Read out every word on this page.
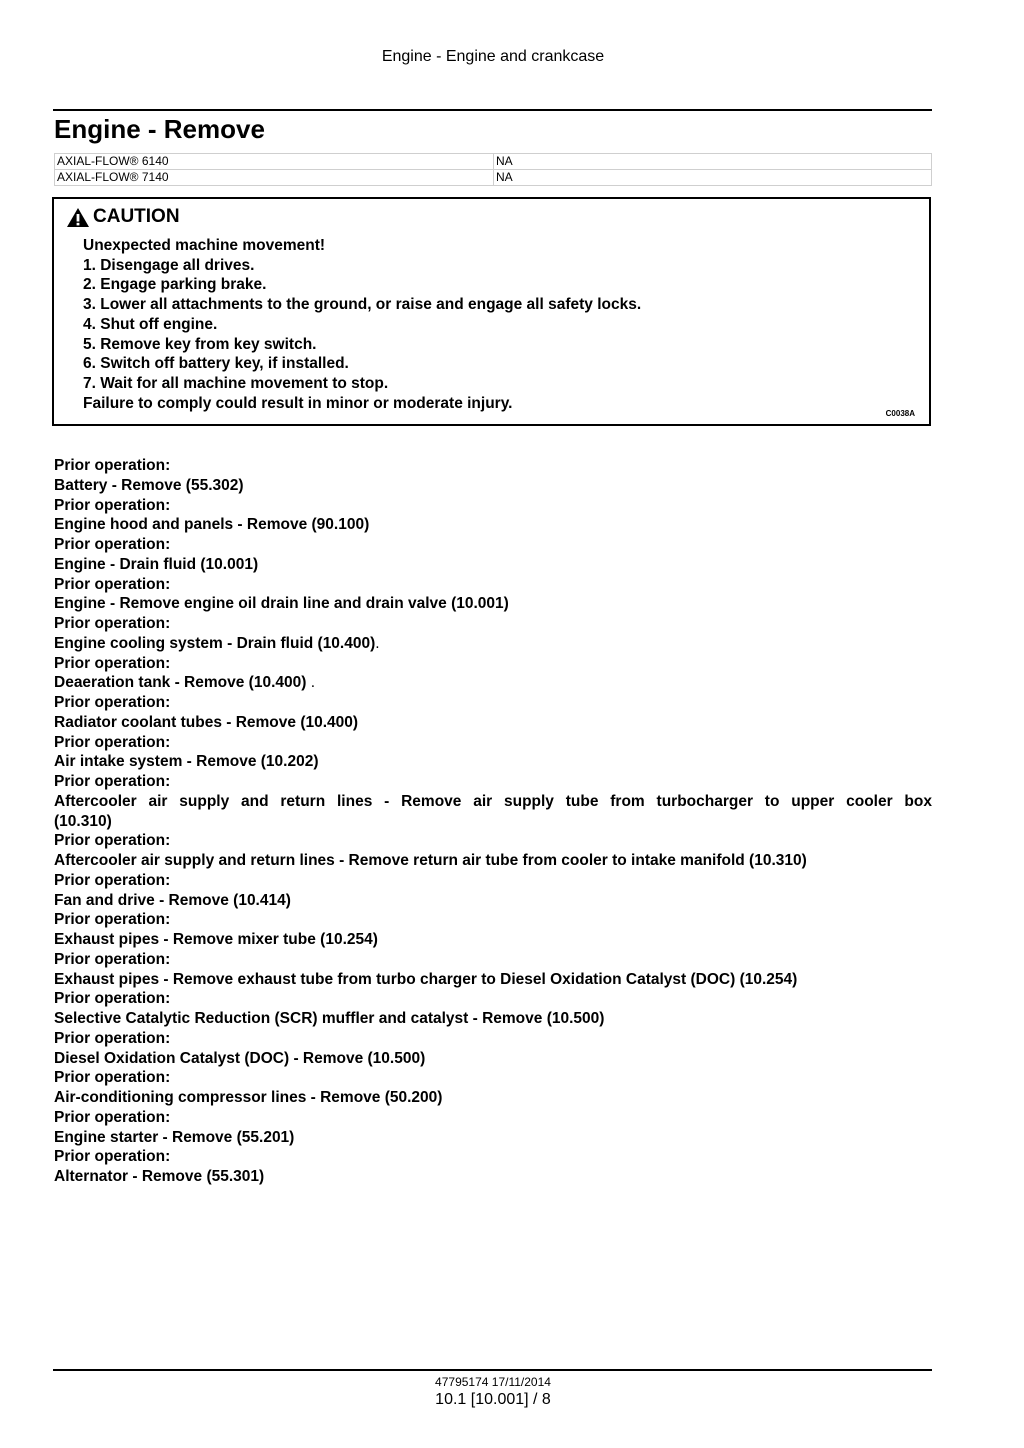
Engine - Engine and crankcase
Engine - Remove
AXIAL-FLOW® 6140	NA
AXIAL-FLOW® 7140	NA
CAUTION
Unexpected machine movement!
1. Disengage all drives.
2. Engage parking brake.
3. Lower all attachments to the ground, or raise and engage all safety locks.
4. Shut off engine.
5. Remove key from key switch.
6. Switch off battery key, if installed.
7. Wait for all machine movement to stop.
Failure to comply could result in minor or moderate injury.
C0038A
Prior operation:
Battery - Remove (55.302)
Prior operation:
Engine hood and panels - Remove (90.100)
Prior operation:
Engine - Drain fluid (10.001)
Prior operation:
Engine - Remove engine oil drain line and drain valve (10.001)
Prior operation:
Engine cooling system - Drain fluid (10.400).
Prior operation:
Deaeration tank - Remove (10.400) .
Prior operation:
Radiator coolant tubes - Remove (10.400)
Prior operation:
Air intake system - Remove (10.202)
Prior operation:
Aftercooler air supply and return lines - Remove air supply tube from turbocharger to upper cooler box
(10.310)
Prior operation:
Aftercooler air supply and return lines - Remove return air tube from cooler to intake manifold (10.310)
Prior operation:
Fan and drive - Remove (10.414)
Prior operation:
Exhaust pipes - Remove mixer tube (10.254)
Prior operation:
Exhaust pipes - Remove exhaust tube from turbo charger to Diesel Oxidation Catalyst (DOC) (10.254)
Prior operation:
Selective Catalytic Reduction (SCR) muffler and catalyst - Remove (10.500)
Prior operation:
Diesel Oxidation Catalyst (DOC) - Remove (10.500)
Prior operation:
Air-conditioning compressor lines - Remove (50.200)
Prior operation:
Engine starter - Remove (55.201)
Prior operation:
Alternator - Remove (55.301)
47795174 17/11/2014
10.1 [10.001] / 8
